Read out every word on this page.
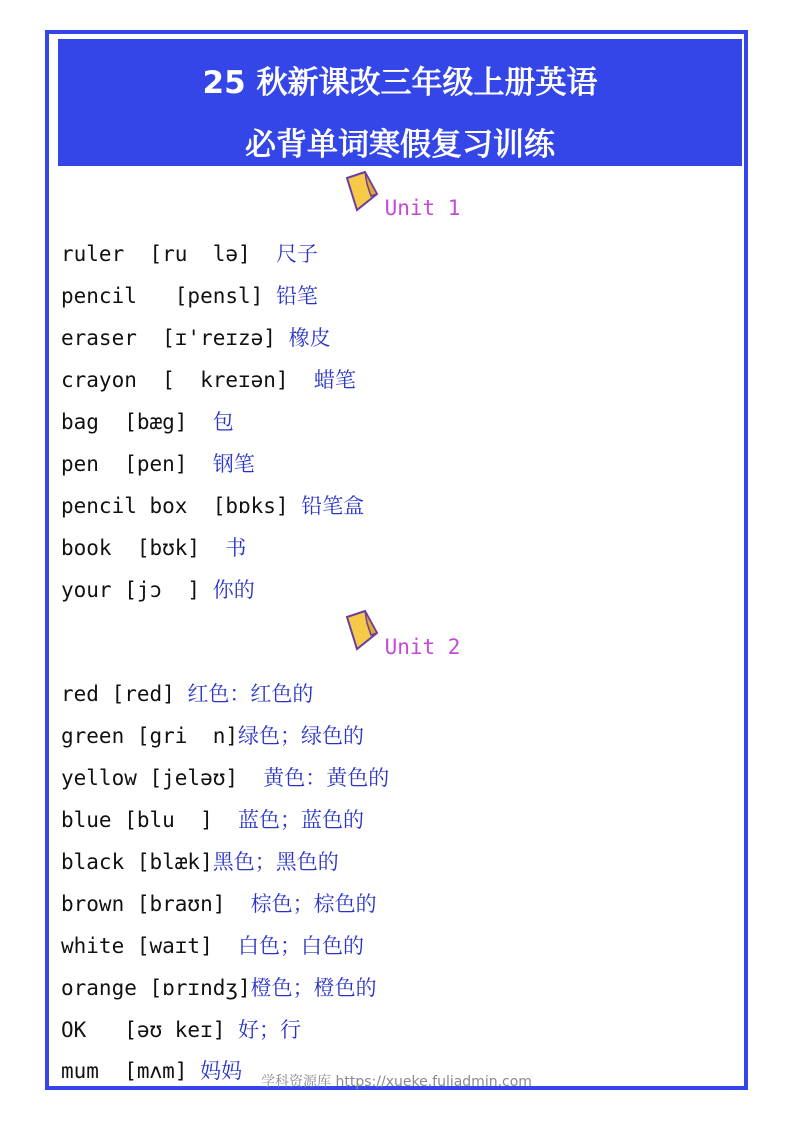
25 秋新课改三年级上册英语
必背单词寒假复习训练
Unit 1
ruler  [ru  lə]  尺子
pencil   [pensl] 铅笔
eraser  [ɪ'reɪzə] 橡皮
crayon  [  kreɪən]  蜡笔
bag  [bæg]  包
pen  [pen]  钢笔
pencil box  [bɒks] 铅笔盒
book  [bʊk]  书
your [jɔ  ] 你的
Unit 2
red [red] 红色：红色的
green [gri  n]绿色；绿色的
yellow [jeləʊ]  黄色：黄色的
blue [blu  ]  蓝色；蓝色的
black [blæk]黑色；黑色的
brown [braʊn]  棕色；棕色的
white [waɪt]  白色；白色的
orange [ɒrɪndʒ]橙色；橙色的
OK   [əʊ keɪ] 好；行
mum  [mʌm] 妈妈	学科资源库 https://xueke.fuliadmin.com
